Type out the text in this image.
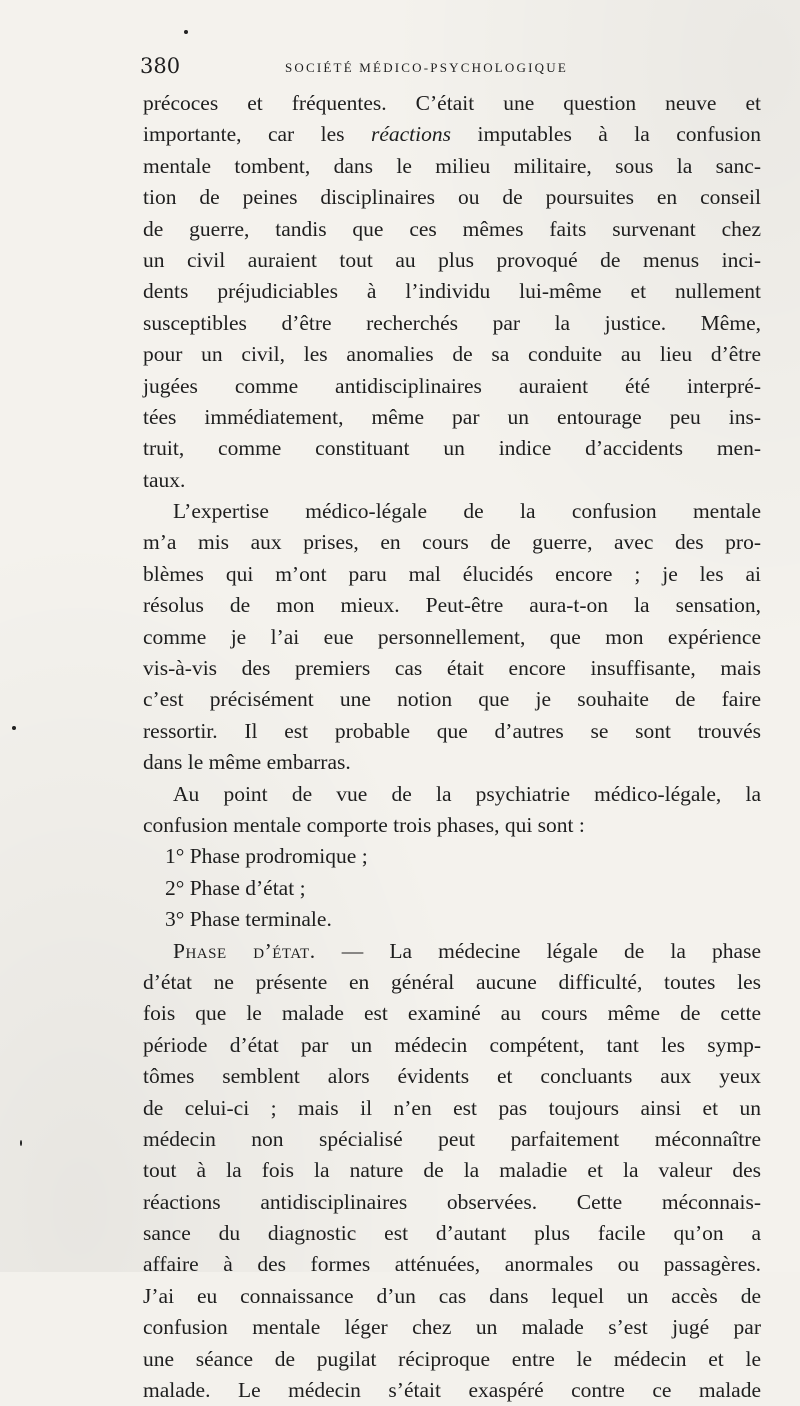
380	SOCIÉTÉ MÉDICO-PSYCHOLOGIQUE
précoces et fréquentes. C’était une question neuve et
importante, car les réactions imputables à la confusion
mentale tombent, dans le milieu militaire, sous la sanc-
tion de peines disciplinaires ou de poursuites en conseil
de guerre, tandis que ces mêmes faits survenant chez
un civil auraient tout au plus provoqué de menus inci-
dents préjudiciables à l’individu lui-même et nullement
susceptibles d’être recherchés par la justice. Même,
pour un civil, les anomalies de sa conduite au lieu d’être
jugées comme antidisciplinaires auraient été interpré-
tées immédiatement, même par un entourage peu ins-
truit, comme constituant un indice d’accidents men-
taux.
L’expertise médico-légale de la confusion mentale
m’a mis aux prises, en cours de guerre, avec des pro-
blèmes qui m’ont paru mal élucidés encore ; je les ai
résolus de mon mieux. Peut-être aura-t-on la sensation,
comme je l’ai eue personnellement, que mon expérience
vis-à-vis des premiers cas était encore insuffisante, mais
c’est précisément une notion que je souhaite de faire
ressortir. Il est probable que d’autres se sont trouvés
dans le même embarras.
Au point de vue de la psychiatrie médico-légale, la
confusion mentale comporte trois phases, qui sont :
1° Phase prodromique ;
2° Phase d’état ;
3° Phase terminale.
Phase d’état. — La médecine légale de la phase
d’état ne présente en général aucune difficulté, toutes les
fois que le malade est examiné au cours même de cette
période d’état par un médecin compétent, tant les symp-
tômes semblent alors évidents et concluants aux yeux
de celui-ci ; mais il n’en est pas toujours ainsi et un
médecin non spécialisé peut parfaitement méconnaître
tout à la fois la nature de la maladie et la valeur des
réactions antidisciplinaires observées. Cette méconnais-
sance du diagnostic est d’autant plus facile qu’on a
affaire à des formes atténuées, anormales ou passagères.
J’ai eu connaissance d’un cas dans lequel un accès de
confusion mentale léger chez un malade s’est jugé par
une séance de pugilat réciproque entre le médecin et le
malade. Le médecin s’était exaspéré contre ce malade
